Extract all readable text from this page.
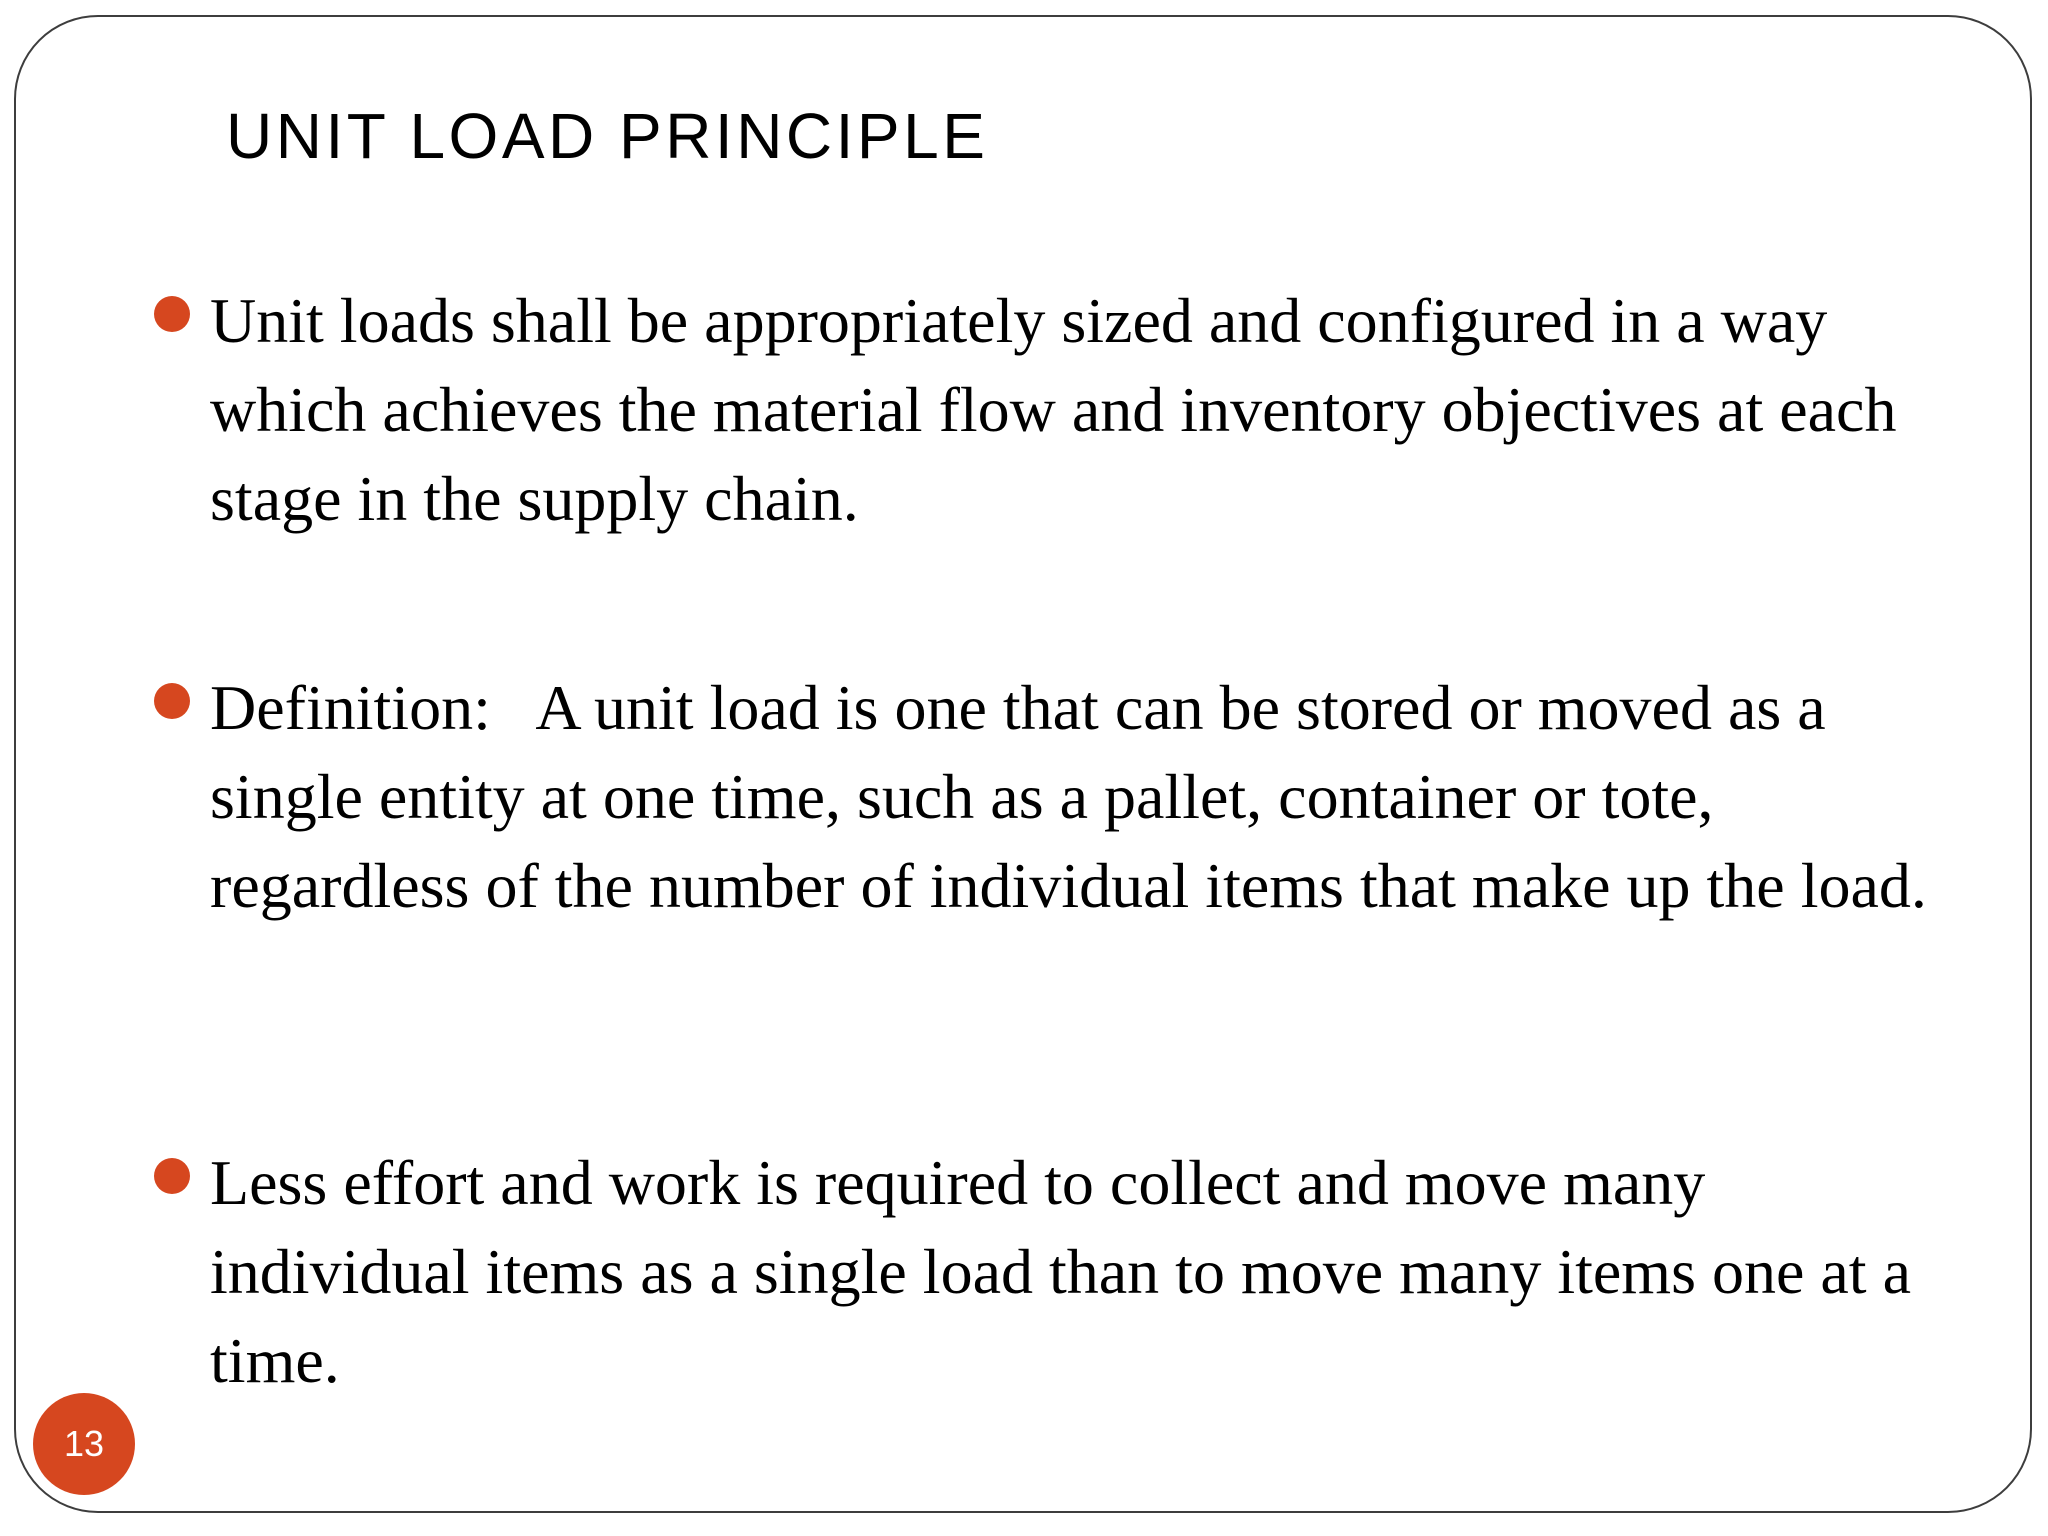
UNIT LOAD PRINCIPLE
Unit loads shall be appropriately sized and configured in a way which achieves the material flow and inventory objectives at each stage in the supply chain.
Definition:   A unit load is one that can be stored or moved as a single entity at one time, such as a pallet, container or tote, regardless of the number of individual items that make up the load.
Less effort and work is required to collect and move many individual items as a single load than to move many items one at a time.
13
